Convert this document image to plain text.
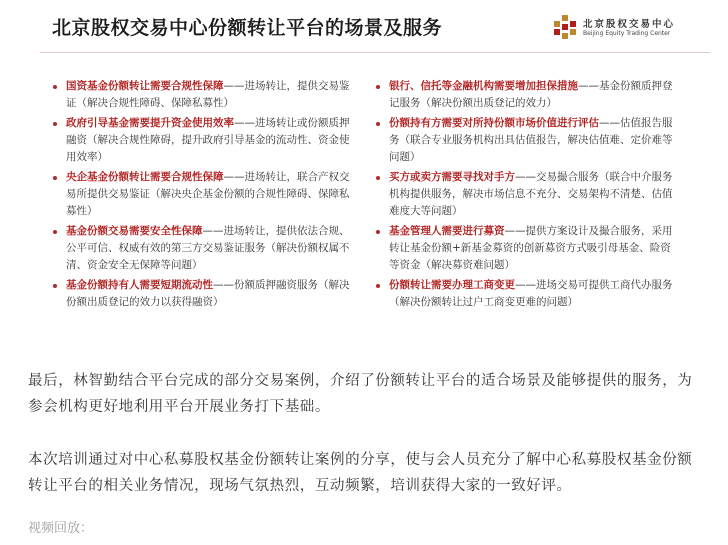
北京股权交易中心份额转让平台的场景及服务	北京股权交易中心
Beijing Equity Trading Center
国资基金份额转让需要合规性保障——进场转让，提供交易鉴证（解决合规性障碍、保障私募性）
政府引导基金需要提升资金使用效率——进场转让或份额质押融资（解决合规性障碍，提升政府引导基金的流动性、资金使用效率）
央企基金份额转让需要合规性保障——进场转让，联合产权交易所提供交易鉴证（解决央企基金份额的合规性障碍、保障私募性）
基金份额交易需要安全性保障——进场转让，提供依法合规、公平可信、权威有效的第三方交易鉴证服务（解决份额权属不清、资金安全无保障等问题）
基金份额持有人需要短期流动性——份额质押融资服务（解决份额出质登记的效力以获得融资）
银行、信托等金融机构需要增加担保措施——基金份额质押登记服务（解决份额出质登记的效力）
份额持有方需要对所持份额市场价值进行评估——估值报告服务（联合专业服务机构出具估值报告，解决估值难、定价难等问题）
买方或卖方需要寻找对手方——交易撮合服务（联合中介服务机构提供服务，解决市场信息不充分、交易架构不清楚、估值难度大等问题）
基金管理人需要进行募资——提供方案设计及撮合服务，采用转让基金份额+新基金募资的创新募资方式吸引母基金、险资等资金（解决募资难问题）
份额转让需要办理工商变更——进场交易可提供工商代办服务（解决份额转让过户工商变更难的问题）

最后，林智勤结合平台完成的部分交易案例，介绍了份额转让平台的适合场景及能够提供的服务，为参会机构更好地利用平台开展业务打下基础。

本次培训通过对中心私募股权基金份额转让案例的分享，使与会人员充分了解中心私募股权基金份额转让平台的相关业务情况，现场气氛热烈，互动频繁，培训获得大家的一致好评。

视频回放：
